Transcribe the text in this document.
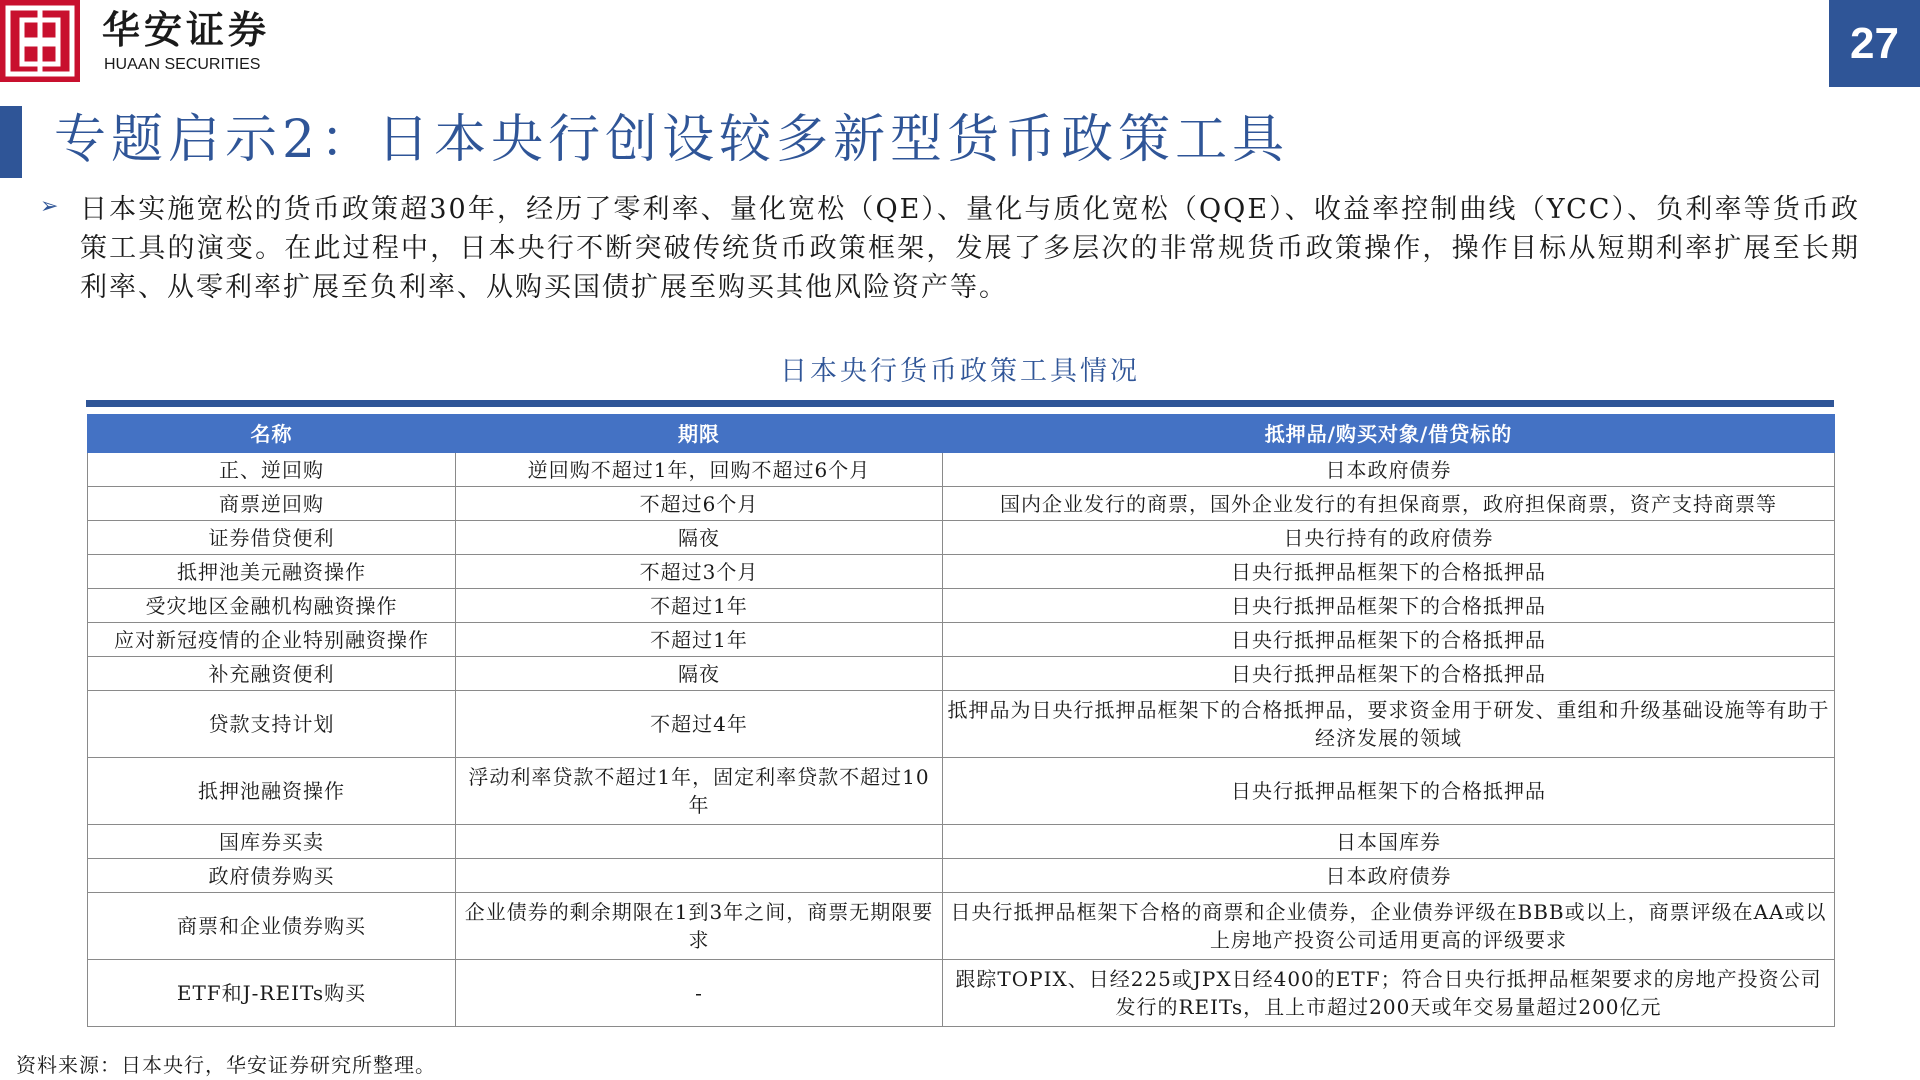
华安证券
HUAAN SECURITIES	27
专题启示2：日本央行创设较多新型货币政策工具
➢ 日本实施宽松的货币政策超30年，经历了零利率、量化宽松（QE）、量化与质化宽松（QQE）、收益率控制曲线（YCC）、负利率等货币政策工具的演变。在此过程中，日本央行不断突破传统货币政策框架，发展了多层次的非常规货币政策操作，操作目标从短期利率扩展至长期利率、从零利率扩展至负利率、从购买国债扩展至购买其他风险资产等。
日本央行货币政策工具情况
名称	期限	抵押品/购买对象/借贷标的
正、逆回购	逆回购不超过1年，回购不超过6个月	日本政府债券
商票逆回购	不超过6个月	国内企业发行的商票，国外企业发行的有担保商票，政府担保商票，资产支持商票等
证券借贷便利	隔夜	日央行持有的政府债券
抵押池美元融资操作	不超过3个月	日央行抵押品框架下的合格抵押品
受灾地区金融机构融资操作	不超过1年	日央行抵押品框架下的合格抵押品
应对新冠疫情的企业特别融资操作	不超过1年	日央行抵押品框架下的合格抵押品
补充融资便利	隔夜	日央行抵押品框架下的合格抵押品
贷款支持计划	不超过4年	抵押品为日央行抵押品框架下的合格抵押品，要求资金用于研发、重组和升级基础设施等有助于经济发展的领域
抵押池融资操作	浮动利率贷款不超过1年，固定利率贷款不超过10年	日央行抵押品框架下的合格抵押品
国库券买卖		日本国库券
政府债券购买		日本政府债券
商票和企业债券购买	企业债券的剩余期限在1到3年之间，商票无期限要求	日央行抵押品框架下合格的商票和企业债券，企业债券评级在BBB或以上，商票评级在AA或以上房地产投资公司适用更高的评级要求
ETF和J-REITs购买	-	跟踪TOPIX、日经225或JPX日经400的ETF；符合日央行抵押品框架要求的房地产投资公司发行的REITs，且上市超过200天或年交易量超过200亿元
资料来源：日本央行，华安证券研究所整理。
